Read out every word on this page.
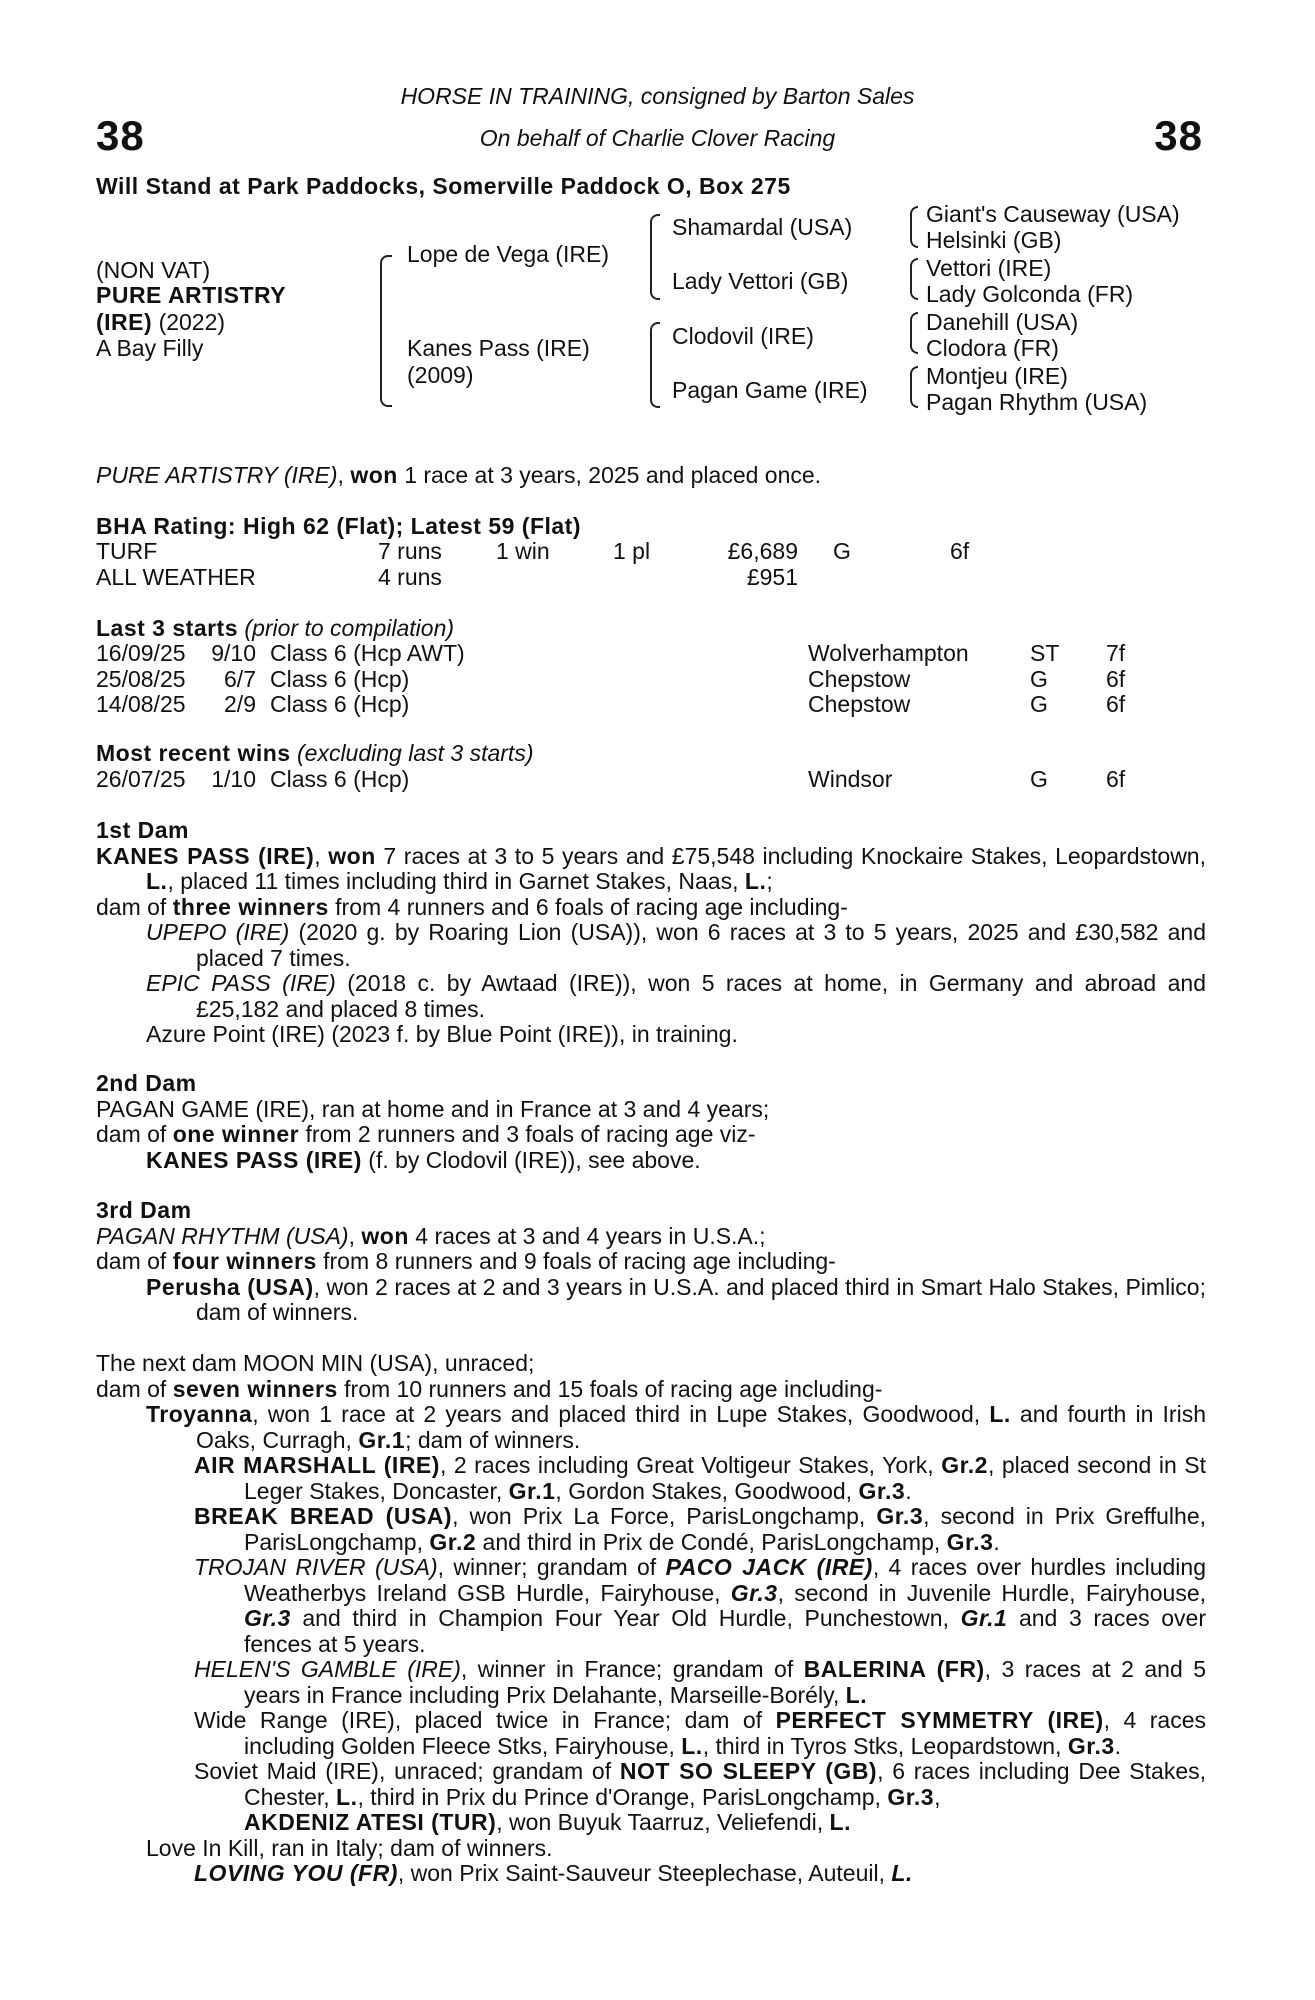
38	38
HORSE IN TRAINING, consigned by Barton Sales
On behalf of Charlie Clover Racing
Will Stand at Park Paddocks, Somerville Paddock O, Box 275
(NON VAT)
PURE ARTISTRY
(IRE) (2022)
A Bay Filly
Lope de Vega (IRE)
Kanes Pass (IRE)
(2009)
Shamardal (USA)
Lady Vettori (GB)
Clodovil (IRE)
Pagan Game (IRE)
Giant's Causeway (USA)
Helsinki (GB)
Vettori (IRE)
Lady Golconda (FR)
Danehill (USA)
Clodora (FR)
Montjeu (IRE)
Pagan Rhythm (USA)
PURE ARTISTRY (IRE), won 1 race at 3 years, 2025 and placed once.
BHA Rating: High 62 (Flat); Latest 59 (Flat)
TURF	7 runs	1 win	1 pl	£6,689		G	6f
ALL WEATHER	4 runs			£951			
Last 3 starts (prior to compilation)
16/09/25	9/10		Class 6 (Hcp AWT)	Wolverhampton	ST	7f
25/08/25	6/7		Class 6 (Hcp)	Chepstow	G	6f
14/08/25	2/9		Class 6 (Hcp)	Chepstow	G	6f
Most recent wins (excluding last 3 starts)
26/07/25	1/10		Class 6 (Hcp)	Windsor	G	6f

1st Dam

KANES PASS (IRE), won 7 races at 3 to 5 years and £75,548 including Knockaire Stakes, Leopardstown, L., placed 11 times including third in Garnet Stakes, Naas, L.;

dam of three winners from 4 runners and 6 foals of racing age including-

UPEPO (IRE) (2020 g. by Roaring Lion (USA)), won 6 races at 3 to 5 years, 2025 and £30,582 and placed 7 times.

EPIC PASS (IRE) (2018 c. by Awtaad (IRE)), won 5 races at home, in Germany and abroad and £25,182 and placed 8 times.

Azure Point (IRE) (2023 f. by Blue Point (IRE)), in training.

2nd Dam

PAGAN GAME (IRE), ran at home and in France at 3 and 4 years;

dam of one winner from 2 runners and 3 foals of racing age viz-

KANES PASS (IRE) (f. by Clodovil (IRE)), see above.

3rd Dam

PAGAN RHYTHM (USA), won 4 races at 3 and 4 years in U.S.A.;

dam of four winners from 8 runners and 9 foals of racing age including-

Perusha (USA), won 2 races at 2 and 3 years in U.S.A. and placed third in Smart Halo Stakes, Pimlico; dam of winners.

The next dam MOON MIN (USA), unraced;

dam of seven winners from 10 runners and 15 foals of racing age including-

Troyanna, won 1 race at 2 years and placed third in Lupe Stakes, Goodwood, L. and fourth in Irish Oaks, Curragh, Gr.1; dam of winners.

AIR MARSHALL (IRE), 2 races including Great Voltigeur Stakes, York, Gr.2, placed second in St Leger Stakes, Doncaster, Gr.1, Gordon Stakes, Goodwood, Gr.3.

BREAK BREAD (USA), won Prix La Force, ParisLongchamp, Gr.3, second in Prix Greffulhe, ParisLongchamp, Gr.2 and third in Prix de Condé, ParisLongchamp, Gr.3.

TROJAN RIVER (USA), winner; grandam of PACO JACK (IRE), 4 races over hurdles including Weatherbys Ireland GSB Hurdle, Fairyhouse, Gr.3, second in Juvenile Hurdle, Fairyhouse, Gr.3 and third in Champion Four Year Old Hurdle, Punchestown, Gr.1 and 3 races over fences at 5 years.

HELEN'S GAMBLE (IRE), winner in France; grandam of BALERINA (FR), 3 races at 2 and 5 years in France including Prix Delahante, Marseille-Borély, L.

Wide Range (IRE), placed twice in France; dam of PERFECT SYMMETRY (IRE), 4 races including Golden Fleece Stks, Fairyhouse, L., third in Tyros Stks, Leopardstown, Gr.3.

Soviet Maid (IRE), unraced; grandam of NOT SO SLEEPY (GB), 6 races including Dee Stakes, Chester, L., third in Prix du Prince d'Orange, ParisLongchamp, Gr.3,

AKDENIZ ATESI (TUR), won Buyuk Taarruz, Veliefendi, L.

Love In Kill, ran in Italy; dam of winners.

LOVING YOU (FR), won Prix Saint-Sauveur Steeplechase, Auteuil, L.
